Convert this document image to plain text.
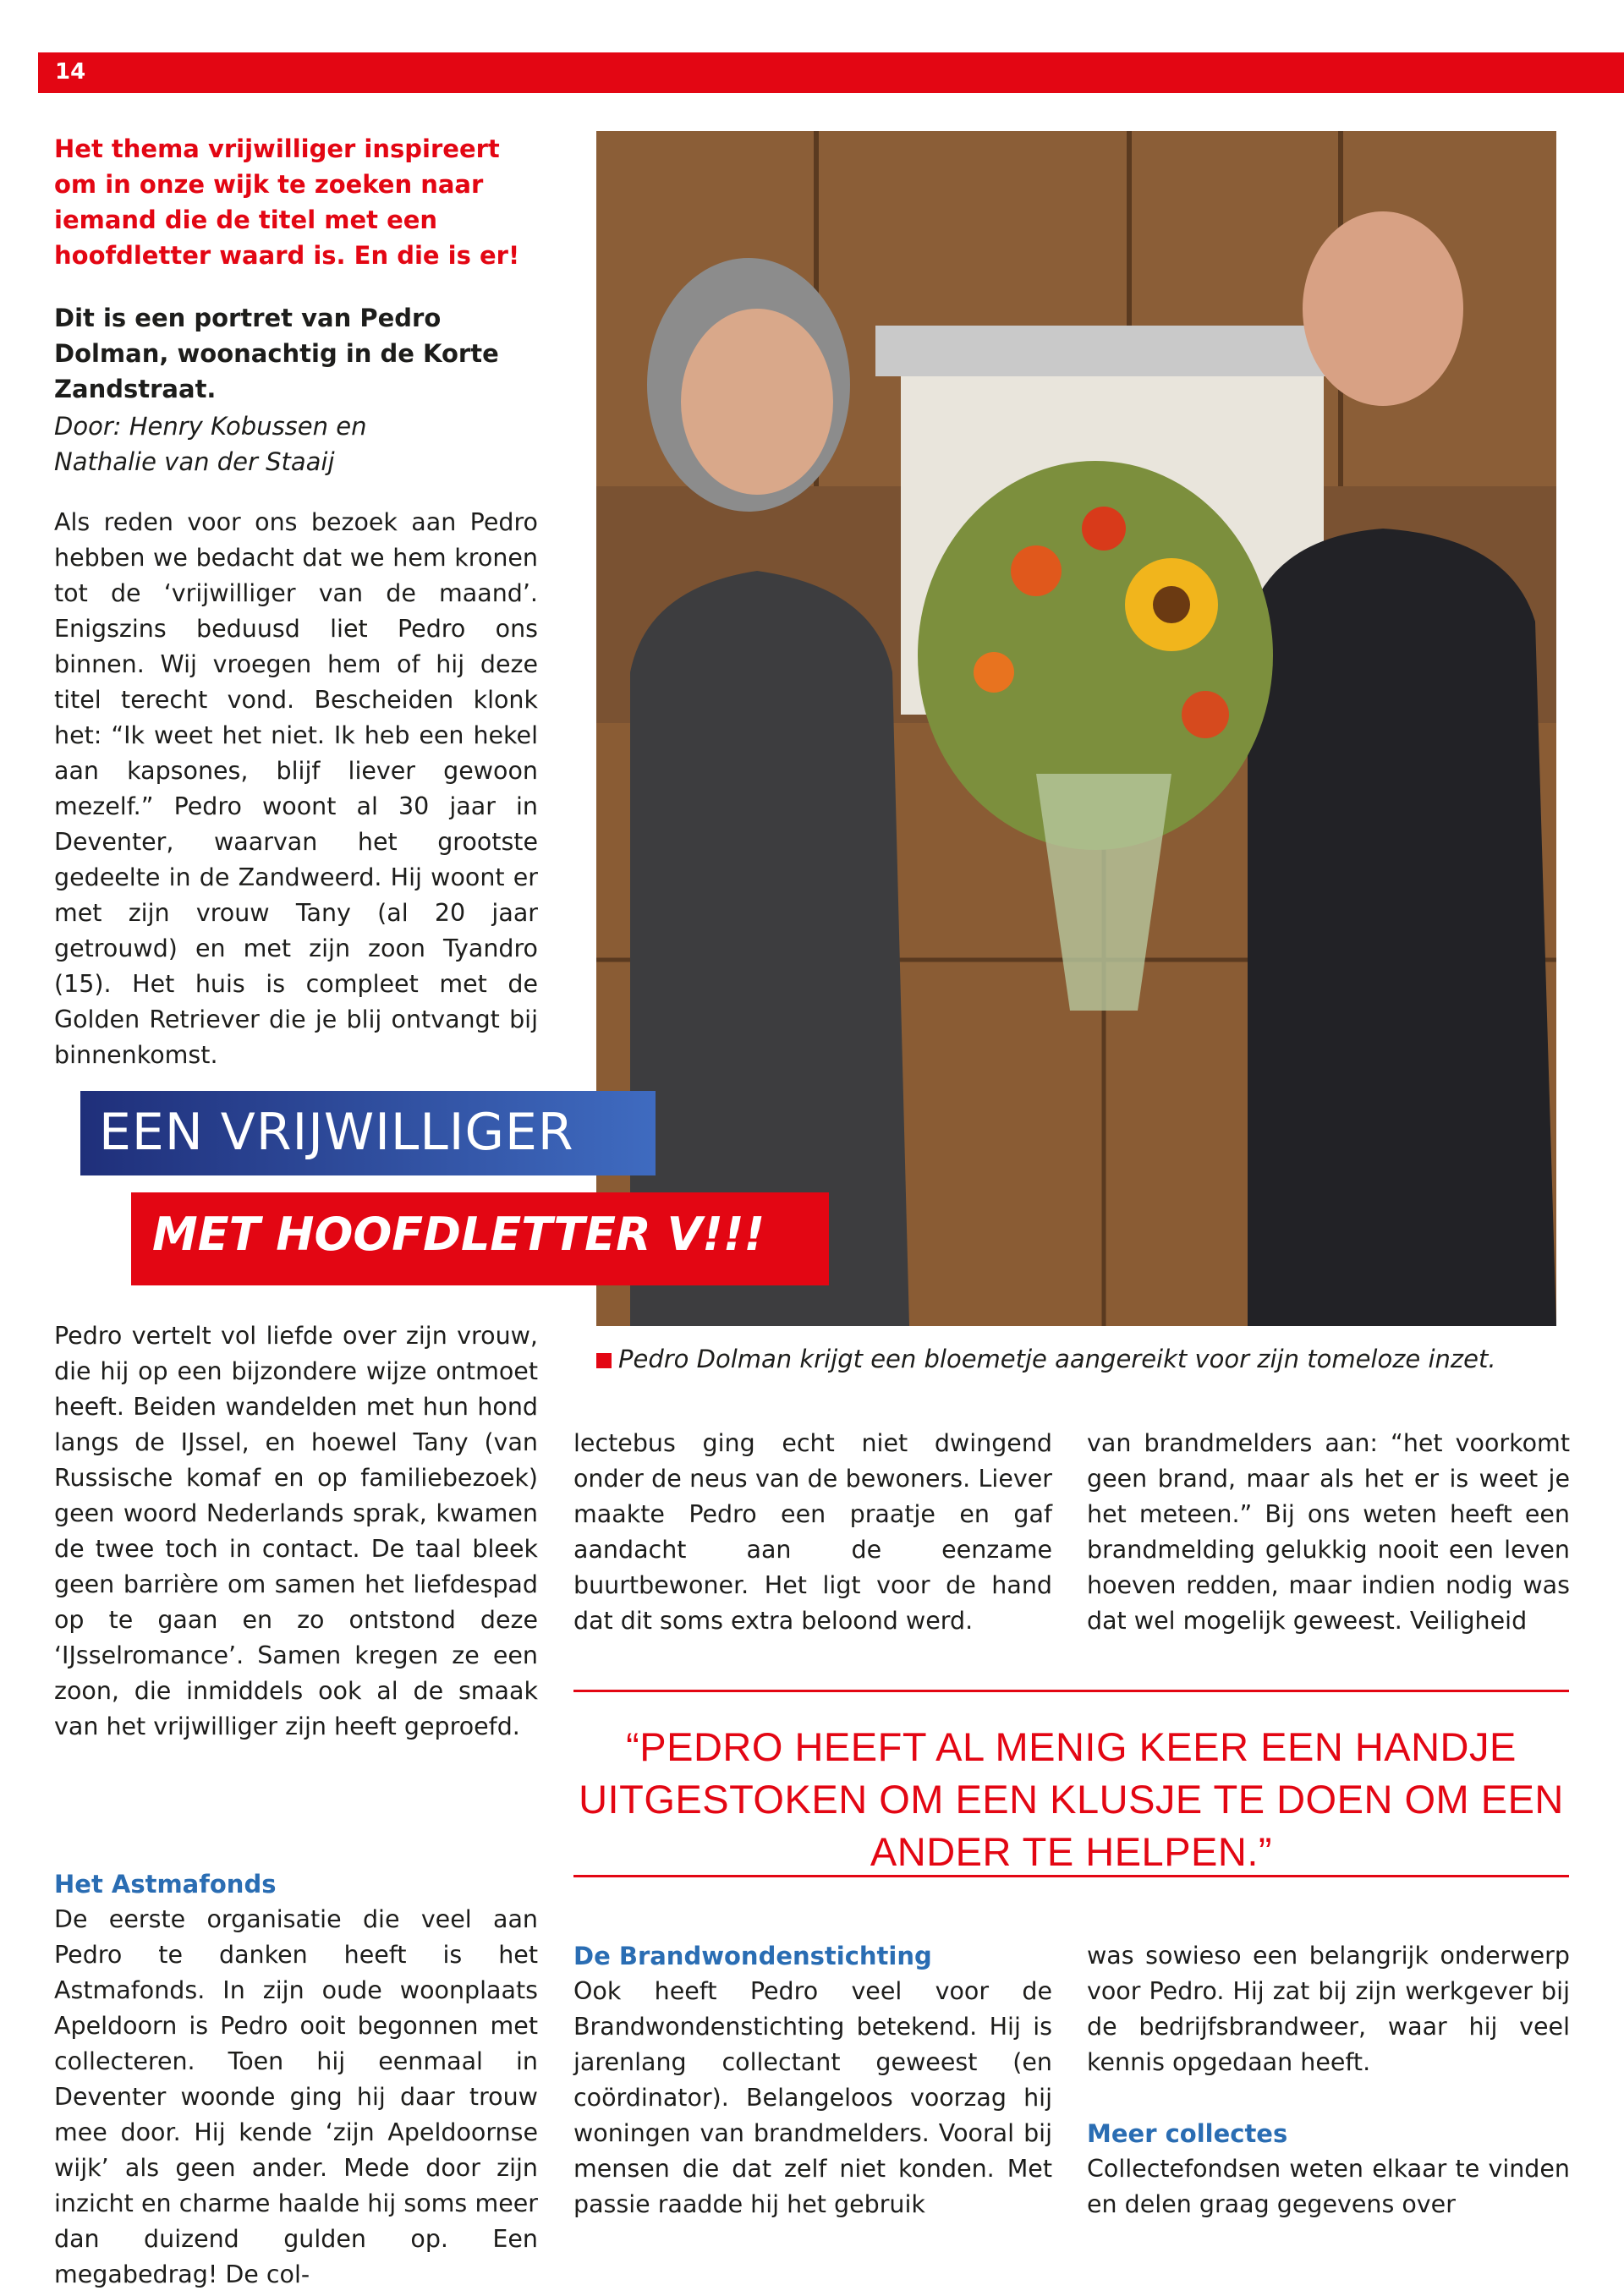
14

Het thema vrijwilliger inspireert om in onze wijk te zoeken naar iemand die de titel met een hoofdletter waard is. En die is er!

Dit is een portret van Pedro Dolman, woonachtig in de Korte Zandstraat.

Door: Henry Kobussen en
Nathalie van der Staaij

Als reden voor ons bezoek aan Pedro hebben we bedacht dat we hem kronen tot de ‘vrijwilliger van de maand’. Enigszins beduusd liet Pedro ons binnen. Wij vroegen hem of hij deze titel terecht vond. Bescheiden klonk het: “Ik weet het niet. Ik heb een hekel aan kapsones, blijf liever gewoon mezelf.” Pedro woont al 30 jaar in Deventer, waarvan het grootste gedeelte in de Zandweerd. Hij woont er met zijn vrouw Tany (al 20 jaar getrouwd) en met zijn zoon Tyandro (15). Het huis is compleet met de Golden Retriever die je blij ontvangt bij binnenkomst.

Pedro Dolman krijgt een bloemetje aangereikt voor zijn tomeloze inzet.

EEN VRIJWILLIGER
MET HOOFDLETTER V!!!

Pedro vertelt vol liefde over zijn vrouw, die hij op een bijzondere wijze ontmoet heeft. Beiden wandelden met hun hond langs de IJssel, en hoewel Tany (van Russische komaf en op familiebezoek) geen woord Nederlands sprak, kwamen de twee toch in contact. De taal bleek geen barrière om samen het liefdespad op te gaan en zo ontstond deze ‘IJsselromance’. Samen kregen ze een zoon, die inmiddels ook al de smaak van het vrijwilliger zijn heeft geproefd.

Het Astmafonds

De eerste organisatie die veel aan Pedro te danken heeft is het Astmafonds. In zijn oude woonplaats Apeldoorn is Pedro ooit begonnen met collecteren. Toen hij eenmaal in Deventer woonde ging hij daar trouw mee door. Hij kende ‘zijn Apeldoornse wijk’ als geen ander. Mede door zijn inzicht en charme haalde hij soms meer dan duizend gulden op. Een megabedrag! De col-

lectebus ging echt niet dwingend onder de neus van de bewoners. Liever maakte Pedro een praatje en gaf aandacht aan de eenzame buurtbewoner. Het ligt voor de hand dat dit soms extra beloond werd.

van brandmelders aan: “het voorkomt geen brand, maar als het er is weet je het meteen.” Bij ons weten heeft een brandmelding gelukkig nooit een leven hoeven redden, maar indien nodig was dat wel mogelijk geweest. Veiligheid

“PEDRO HEEFT AL MENIG KEER EEN HANDJE UITGESTOKEN OM EEN KLUSJE TE DOEN OM EEN ANDER TE HELPEN.”

De Brandwondenstichting

Ook heeft Pedro veel voor de Brandwondenstichting betekend. Hij is jarenlang collectant geweest (en coördinator). Belangeloos voorzag hij woningen van brandmelders. Vooral bij mensen die dat zelf niet konden. Met passie raadde hij het gebruik

was sowieso een belangrijk onderwerp voor Pedro. Hij zat bij zijn werkgever bij de bedrijfsbrandweer, waar hij veel kennis opgedaan heeft.

Meer collectes

Collectefondsen weten elkaar te vinden en delen graag gegevens over
